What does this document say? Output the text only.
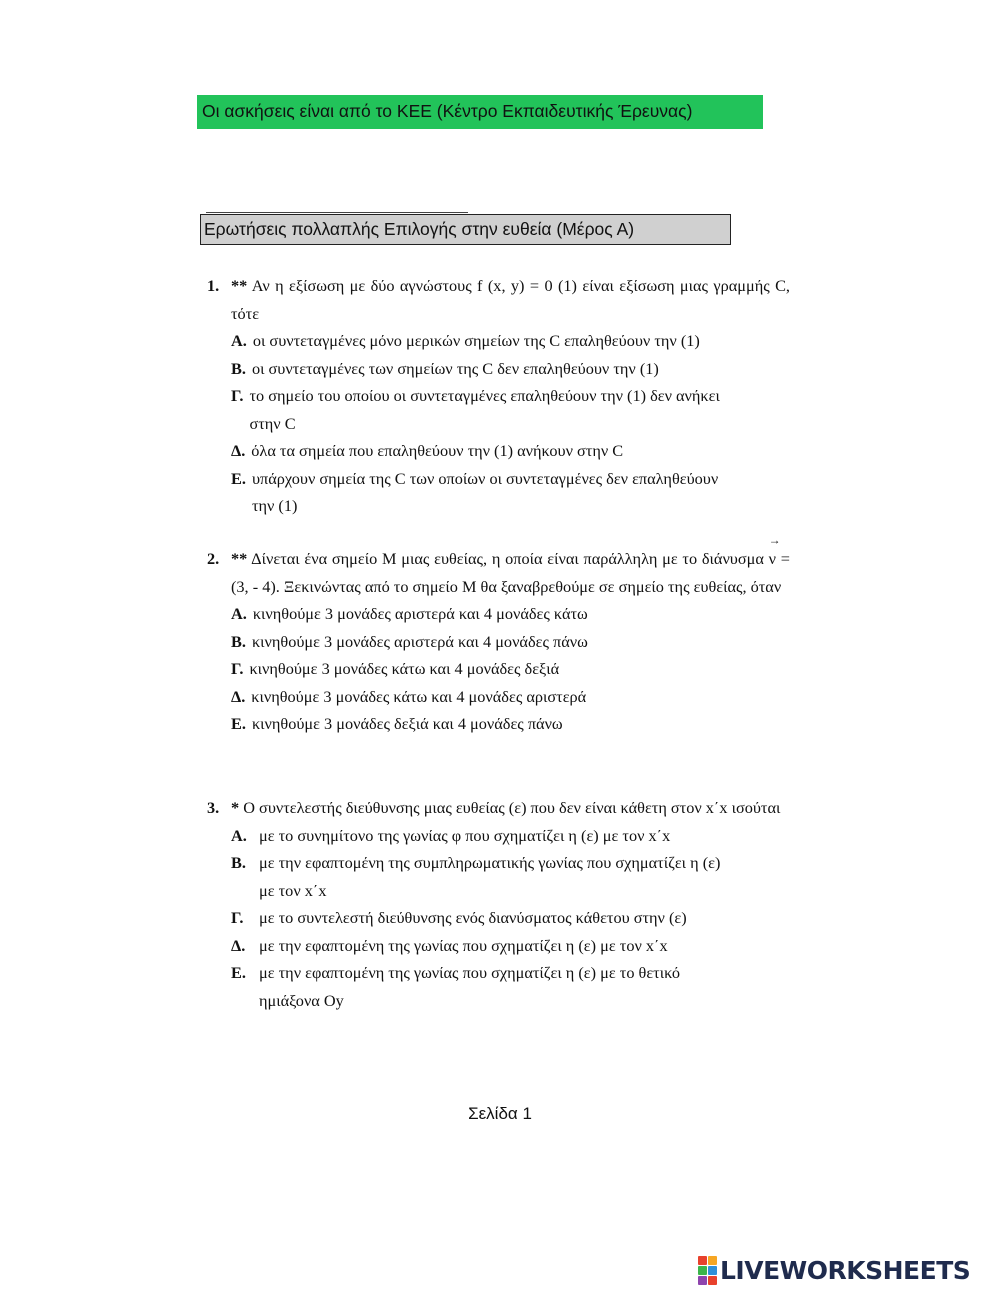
Οι ασκήσεις είναι από το ΚΕΕ (Κέντρο Εκπαιδευτικής Έρευνας)
Ερωτήσεις πολλαπλής Επιλογής στην ευθεία (Μέρος Α)
1. ** Αν η εξίσωση με δύο αγνώστους f (x, y) = 0 (1) είναι εξίσωση μιας γραμμής C, τότε
Α. οι συντεταγμένες μόνο μερικών σημείων της C επαληθεύουν την (1)
Β. οι συντεταγμένες των σημείων της C δεν επαληθεύουν την (1)
Γ. το σημείο του οποίου οι συντεταγμένες επαληθεύουν την (1) δεν ανήκει
στην C
Δ. όλα τα σημεία που επαληθεύουν την (1) ανήκουν στην C
Ε. υπάρχουν σημεία της C των οποίων οι συντεταγμένες δεν επαληθεύουν
την (1)
2. ** Δίνεται ένα σημείο Μ μιας ευθείας, η οποία είναι παράλληλη με το διάνυσμα
→
ν = (3, - 4). Ξεκινώντας από το σημείο Μ θα ξαναβρεθούμε σε σημείο της ευθείας, όταν
Α. κινηθούμε 3 μονάδες αριστερά και 4 μονάδες κάτω
Β. κινηθούμε 3 μονάδες αριστερά και 4 μονάδες πάνω
Γ. κινηθούμε 3 μονάδες κάτω και 4 μονάδες δεξιά
Δ. κινηθούμε 3 μονάδες κάτω και 4 μονάδες αριστερά
Ε. κινηθούμε 3 μονάδες δεξιά και 4 μονάδες πάνω
3. * Ο συντελεστής διεύθυνσης μιας ευθείας (ε) που δεν είναι κάθετη στον x΄x ισούται
Α. με το συνημίτονο της γωνίας φ που σχηματίζει η (ε) με τον x΄x
Β. με την εφαπτομένη της συμπληρωματικής γωνίας που σχηματίζει η (ε)
με τον x΄x
Γ. με το συντελεστή διεύθυνσης ενός διανύσματος κάθετου στην (ε)
Δ. με την εφαπτομένη της γωνίας που σχηματίζει η (ε) με τον x΄x
Ε. με την εφαπτομένη της γωνίας που σχηματίζει η (ε) με το θετικό
ημιάξονα Oy
Σελίδα 1
LIVEWORKSHEETS
